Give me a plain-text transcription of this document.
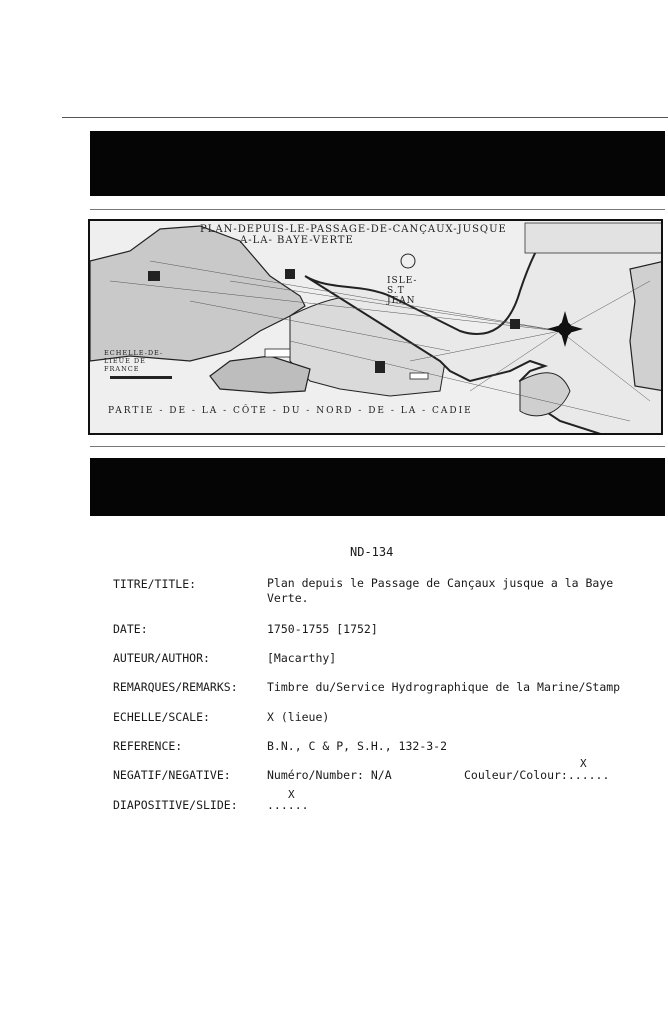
PLAN-DEPUIS-LE-PASSAGE-DE-CANÇAUX-JUSQUE
A-LA- BAYE-VERTE
ISLE-S.T JEAN
ECHELLE-DE-LIEUE DE FRANCE
PARTIE - DE - LA - CÔTE - DU - NORD - DE - LA - CADIE
ND-134
TITRE/TITLE:	Plan depuis le Passage de Cançaux jusque a la Baye Verte.
DATE:	1750-1755 [1752]
AUTEUR/AUTHOR:	[Macarthy]
REMARQUES/REMARKS:	Timbre du/Service Hydrographique de la Marine/Stamp
ECHELLE/SCALE:	X (lieue)
REFERENCE:	B.N., C & P, S.H., 132-3-2
NEGATIF/NEGATIVE:	Numéro/Number: N/A	Couleur/Colour:......
X
DIAPOSITIVE/SLIDE:	......
X
